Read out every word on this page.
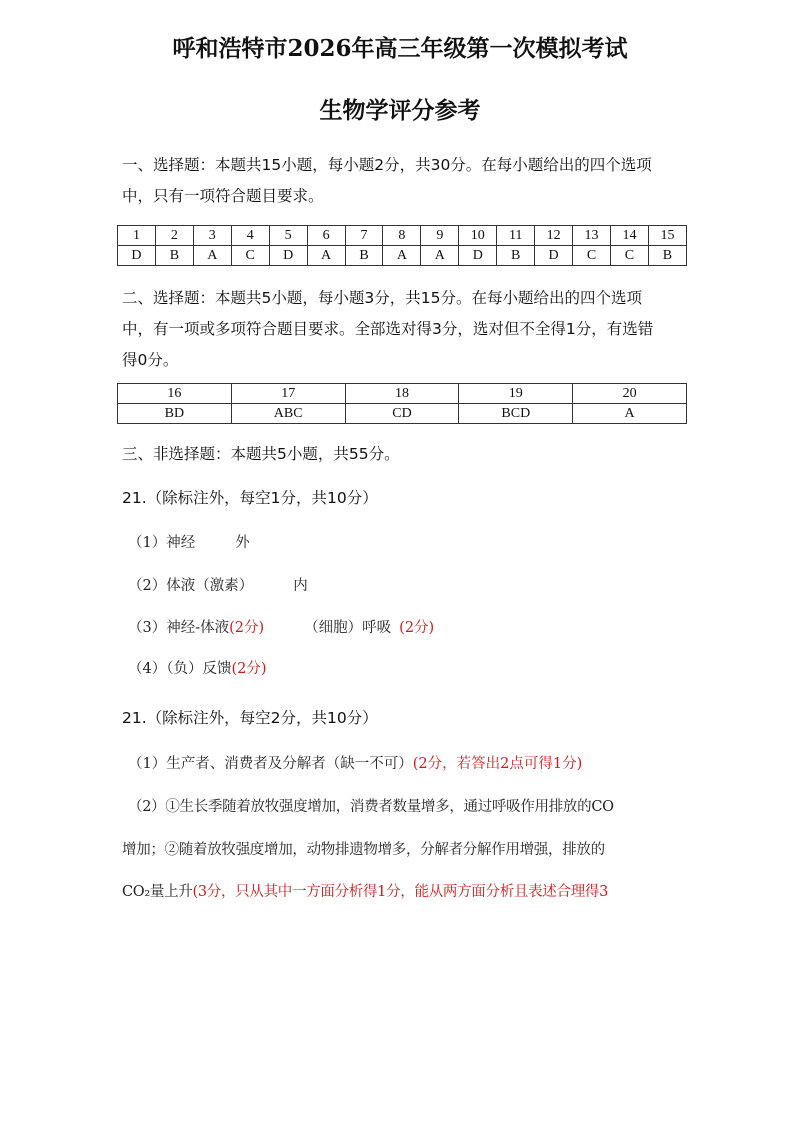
呼和浩特市2026年高三年级第一次模拟考试
生物学评分参考
一、选择题：本题共15小题，每小题2分，共30分。在每小题给出的四个选项
中，只有一项符合题目要求。
1	2	3	4	5	6	7	8	9	10	11	12	13	14	15
D	B	A	C	D	A	B	A	A	D	B	D	C	C	B
二、选择题：本题共5小题，每小题3分，共15分。在每小题给出的四个选项
中，有一项或多项符合题目要求。全部选对得3分，选对但不全得1分，有选错
得0分。
16	17	18	19	20
BD	ABC	CD	BCD	A
三、非选择题：本题共5小题，共55分。
21.（除标注外，每空1分，共10分）
（1）神经	外
（2）体液（激素）	内
（3）神经-体液(2分)	（细胞）呼吸 (2分)
（4）（负）反馈(2分)
21.（除标注外，每空2分，共10分）
（1）生产者、消费者及分解者（缺一不可）(2分，若答出2点可得1分)
（2）①生长季随着放牧强度增加，消费者数量增多，通过呼吸作用排放的CO
增加；②随着放牧强度增加，动物排遗物增多，分解者分解作用增强，排放的
CO₂量上升(3分，只从其中一方面分析得1分，能从两方面分析且表述合理得3
